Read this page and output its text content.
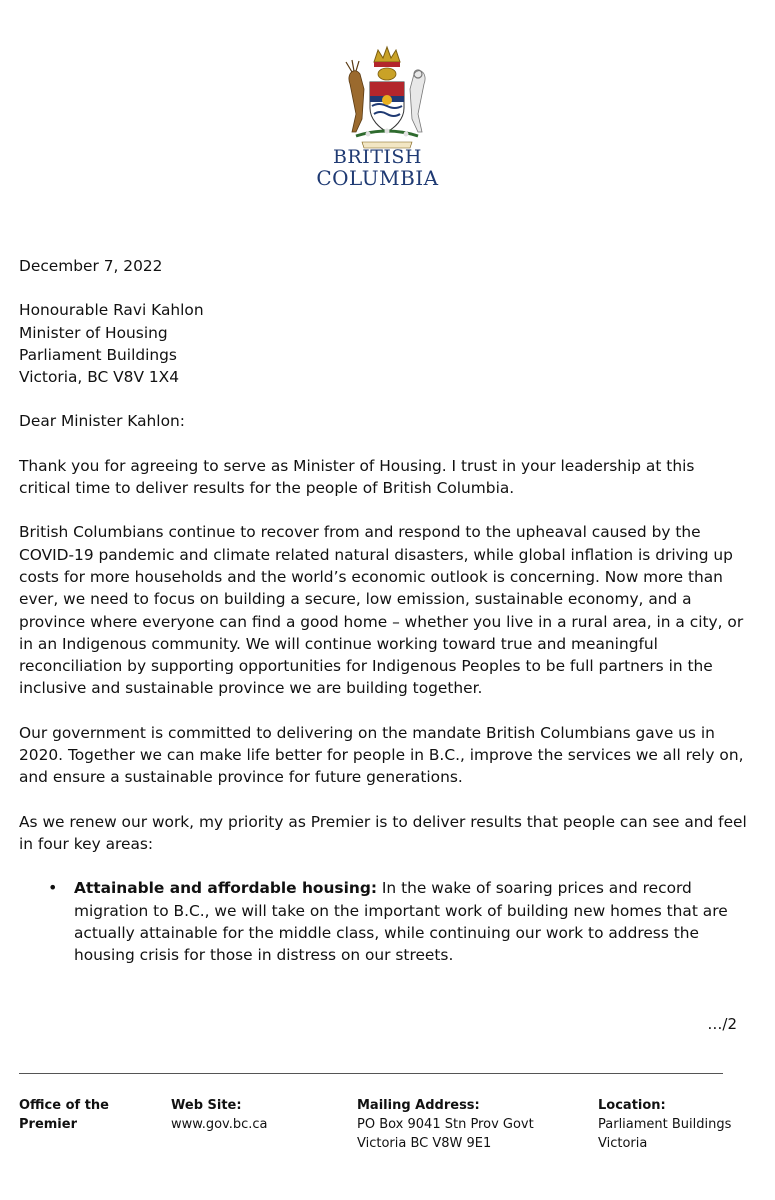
BRITISH
COLUMBIA

December 7, 2022

Honourable Ravi Kahlon

Minister of Housing

Parliament Buildings

Victoria, BC V8V 1X4

Dear Minister Kahlon:

Thank you for agreeing to serve as Minister of Housing. I trust in your leadership at this critical time to deliver results for the people of British Columbia.

British Columbians continue to recover from and respond to the upheaval caused by the COVID-19 pandemic and climate related natural disasters, while global inflation is driving up costs for more households and the world’s economic outlook is concerning. Now more than ever, we need to focus on building a secure, low emission, sustainable economy, and a province where everyone can find a good home – whether you live in a rural area, in a city, or in an Indigenous community. We will continue working toward true and meaningful reconciliation by supporting opportunities for Indigenous Peoples to be full partners in the inclusive and sustainable province we are building together.

Our government is committed to delivering on the mandate British Columbians gave us in 2020. Together we can make life better for people in B.C., improve the services we all rely on, and ensure a sustainable province for future generations.

As we renew our work, my priority as Premier is to deliver results that people can see and feel in four key areas:

• Attainable and affordable housing: In the wake of soaring prices and record migration to B.C., we will take on the important work of building new homes that are actually attainable for the middle class, while continuing our work to address the housing crisis for those in distress on our streets.
…/2
Office of the Premier
Web Site:
www.gov.bc.ca
Mailing Address:
PO Box 9041 Stn Prov Govt
Victoria BC V8W 9E1
Location:
Parliament Buildings
Victoria
